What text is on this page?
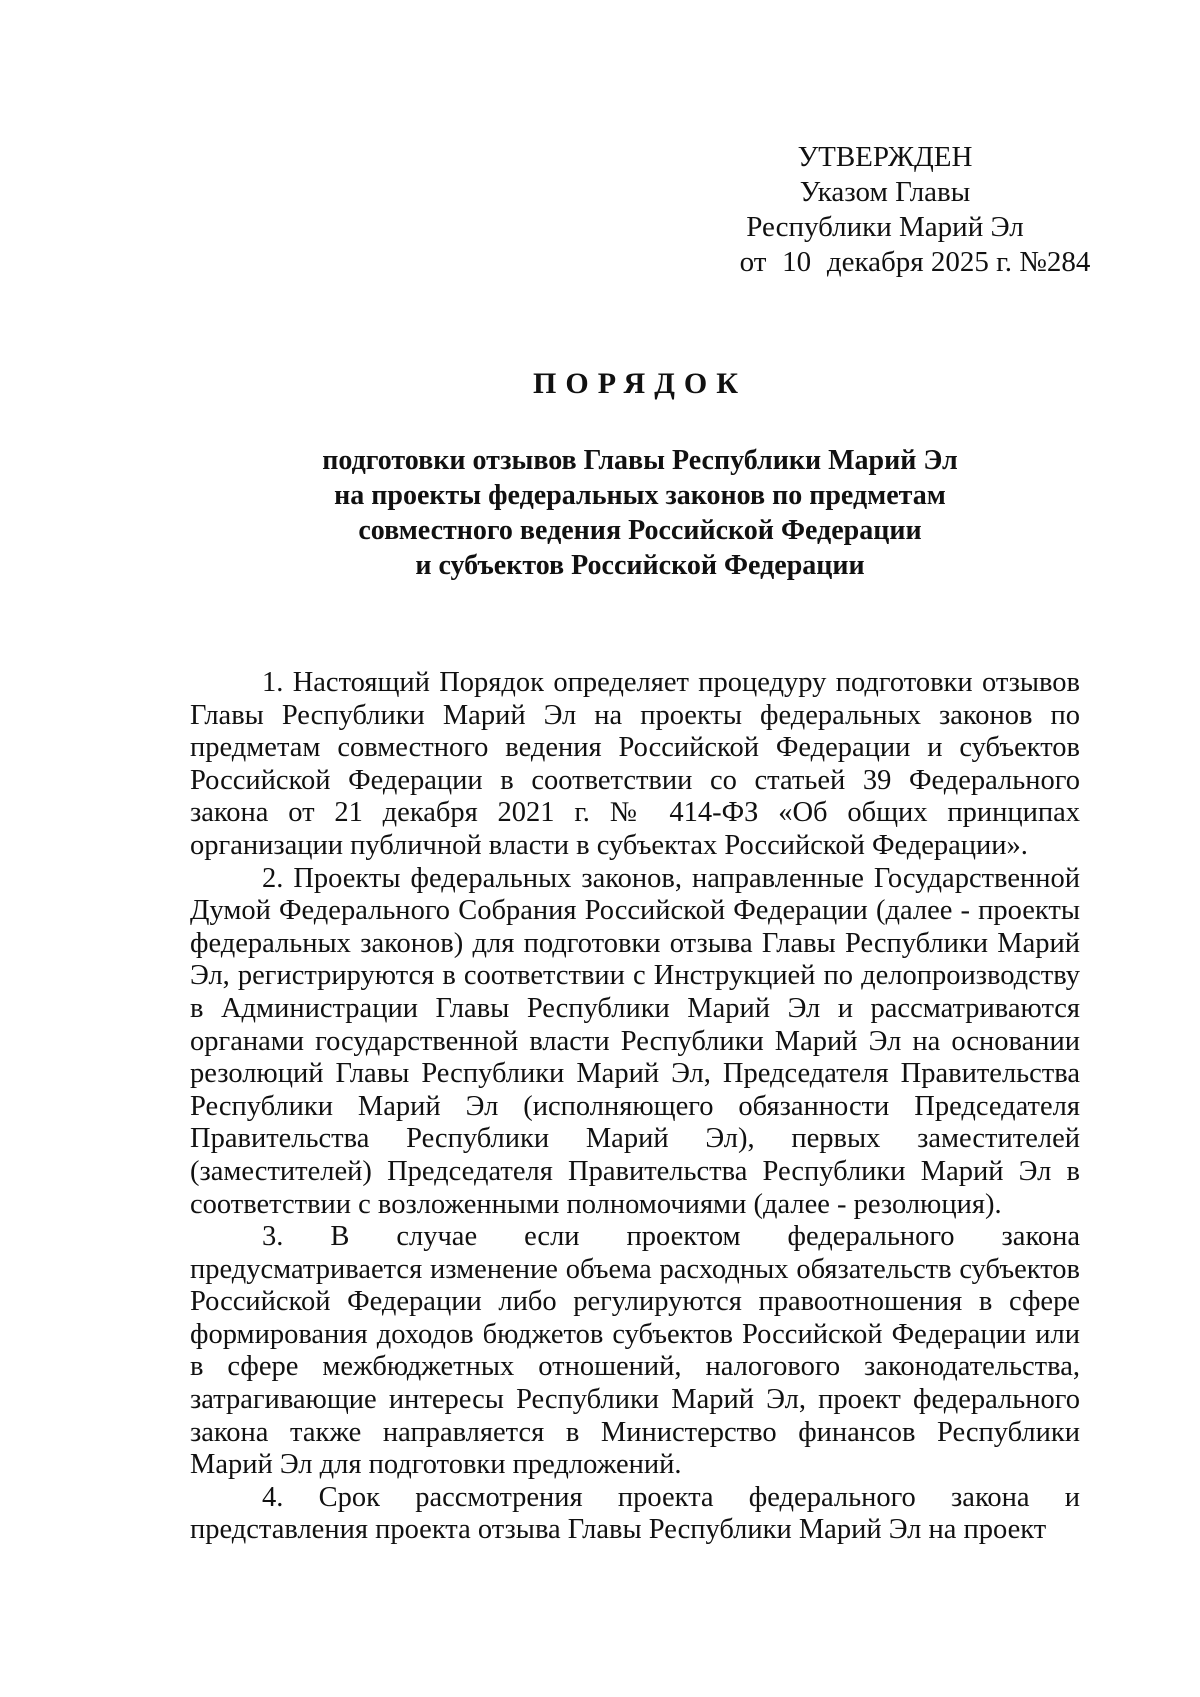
УТВЕРЖДЕН
Указом Главы
Республики Марий Эл
от 10 декабря 2025 г. №284
ПОРЯДОК
подготовки отзывов Главы Республики Марий Эл
на проекты федеральных законов по предметам
совместного ведения Российской Федерации
и субъектов Российской Федерации

1. Настоящий Порядок определяет процедуру подготовки отзывов Главы Республики Марий Эл на проекты федеральных законов по предметам совместного ведения Российской Федерации и субъектов Российской Федерации в соответствии со статьей 39 Федерального закона от 21 декабря 2021 г. № 414-ФЗ «Об общих принципах организации публичной власти в субъектах Российской Федерации».

2. Проекты федеральных законов, направленные Государственной Думой Федерального Собрания Российской Федерации (далее - проекты федеральных законов) для подготовки отзыва Главы Республики Марий Эл, регистрируются в соответствии с Инструкцией по делопроизводству в Администрации Главы Республики Марий Эл и рассматриваются органами государственной власти Республики Марий Эл на основании резолюций Главы Республики Марий Эл, Председателя Правительства Республики Марий Эл (исполняющего обязанности Председателя Правительства Республики Марий Эл), первых заместителей (заместителей) Председателя Правительства Республики Марий Эл в соответствии с возложенными полномочиями (далее - резолюция).

3. В случае если проектом федерального закона предусматривается изменение объема расходных обязательств субъектов Российской Федерации либо регулируются правоотношения в сфере формирования доходов бюджетов субъектов Российской Федерации или в сфере межбюджетных отношений, налогового законодательства, затрагивающие интересы Республики Марий Эл, проект федерального закона также направляется в Министерство финансов Республики Марий Эл для подготовки предложений.

4. Срок рассмотрения проекта федерального закона и представления проекта отзыва Главы Республики Марий Эл на проект
